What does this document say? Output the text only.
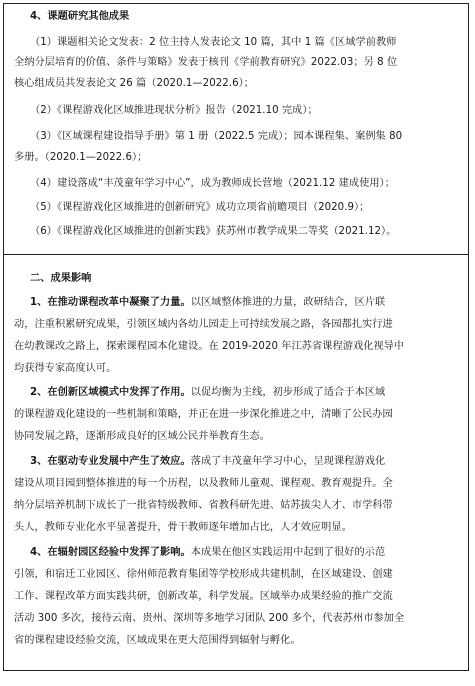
4、课题研究其他成果
（1）课题相关论文发表：2 位主持人发表论文 10 篇，其中 1 篇《区域学前教师
全纳分层培育的价值、条件与策略》发表于核刊《学前教育研究》2022.03；另 8 位
核心组成员共发表论文 26 篇（2020.1—2022.6）；
（2）《课程游戏化区域推进现状分析》报告（2021.10 完成）；
（3）《区域课程建设指导手册》第 1 册（2022.5 完成）；园本课程集、案例集 80
多册。（2020.1—2022.6）；
（4）建设落成“丰茂童年学习中心”，成为教师成长营地（2021.12 建成使用）；
（5）《课程游戏化区域推进的创新研究》成功立项省前瞻项目（2020.9）；
（6）《课程游戏化区域推进的创新实践》获苏州市教学成果二等奖（2021.12）。
二、成果影响
1、在推动课程改革中凝聚了力量。以区域整体推进的力量，政研结合，区片联
动，注重积累研究成果，引领区域内各幼儿园走上可持续发展之路，各园都扎实行进
在幼教课改之路上，探索课程园本化建设。在 2019-2020 年江苏省课程游戏化视导中
均获得专家高度认可。
2、在创新区域模式中发挥了作用。以促均衡为主线，初步形成了适合于本区域
的课程游戏化建设的一些机制和策略，并正在进一步深化推进之中，清晰了公民办园
协同发展之路，逐渐形成良好的区域公民并举教育生态。
3、在驱动专业发展中产生了效应。落成了丰茂童年学习中心，呈现课程游戏化
建设从项目园到整体推进的每一个历程，以及教师儿童观、课程观、教育观提升。全
纳分层培养机制下成长了一批省特级教师、省教科研先进、姑苏拔尖人才、市学科带
头人，教师专业化水平显著提升，骨干教师逐年增加占比，人才效应明显。
4、在辐射园区经验中发挥了影响。本成果在他区实践运用中起到了很好的示范
引领，和宿迁工业园区、徐州师范教育集团等学校形成共建机制，在区域建设、创建
工作、课程改革方面实践共研，创新改革，科学发展。区域举办成果经验的推广交流
活动 300 多次，接待云南、贵州、深圳等多地学习团队 200 多个，代表苏州市参加全
省的课程建设经验交流，区域成果在更大范围得到辐射与孵化。
